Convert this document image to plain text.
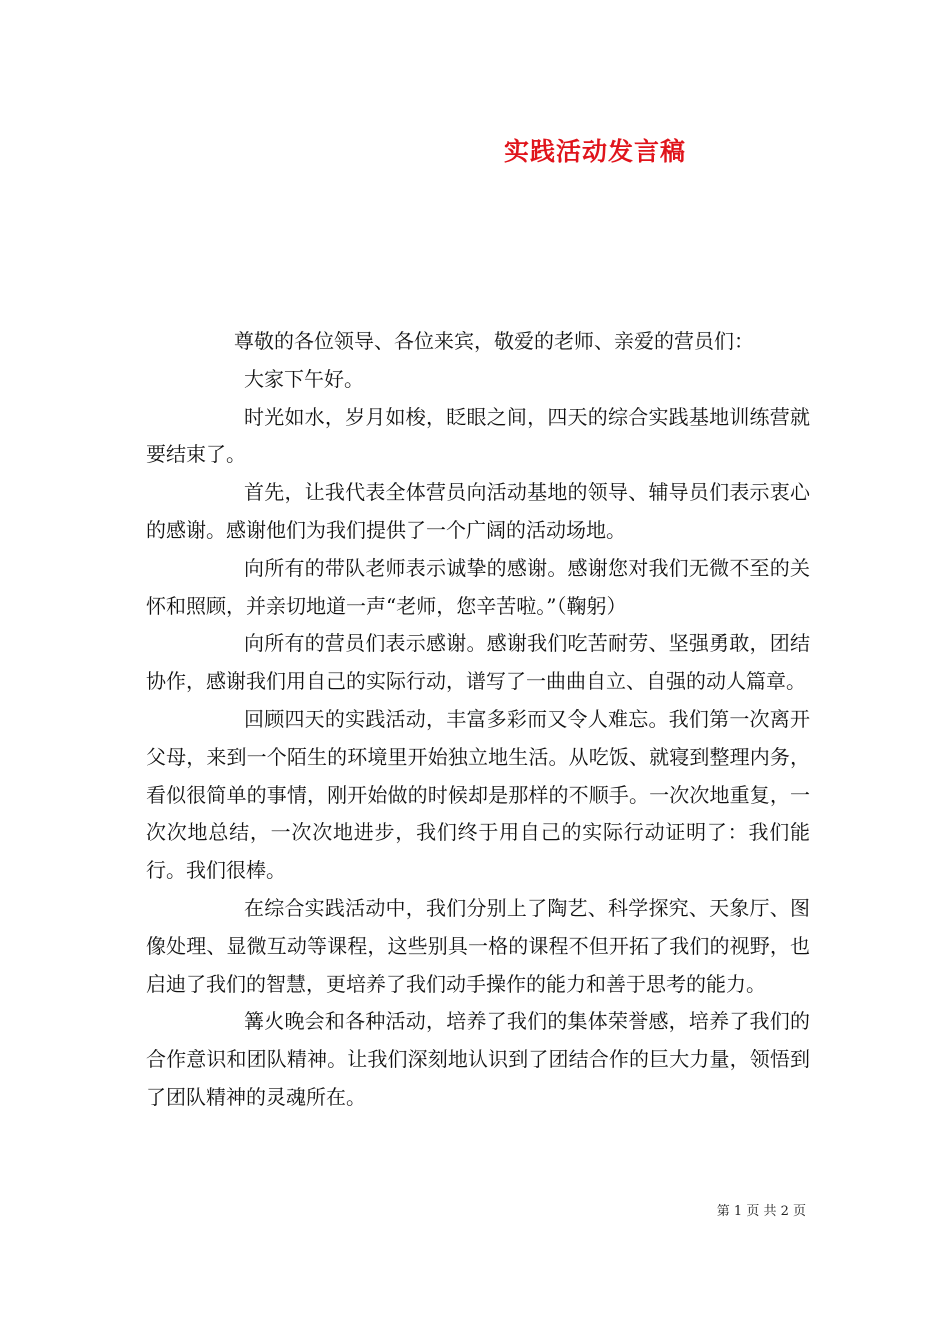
实践活动发言稿

尊敬的各位领导、各位来宾，敬爱的老师、亲爱的营员们：

大家下午好。

时光如水，岁月如梭，眨眼之间，四天的综合实践基地训练营就要结束了。

首先，让我代表全体营员向活动基地的领导、辅导员们表示衷心的感谢。感谢他们为我们提供了一个广阔的活动场地。

向所有的带队老师表示诚挚的感谢。感谢您对我们无微不至的关怀和照顾，并亲切地道一声“老师，您辛苦啦。”（鞠躬）

向所有的营员们表示感谢。感谢我们吃苦耐劳、坚强勇敢，团结协作，感谢我们用自己的实际行动，谱写了一曲曲自立、自强的动人篇章。

回顾四天的实践活动，丰富多彩而又令人难忘。我们第一次离开父母，来到一个陌生的环境里开始独立地生活。从吃饭、就寝到整理内务，看似很简单的事情，刚开始做的时候却是那样的不顺手。一次次地重复，一次次地总结，一次次地进步，我们终于用自己的实际行动证明了：我们能行。我们很棒。

在综合实践活动中，我们分别上了陶艺、科学探究、天象厅、图像处理、显微互动等课程，这些别具一格的课程不但开拓了我们的视野，也启迪了我们的智慧，更培养了我们动手操作的能力和善于思考的能力。

篝火晚会和各种活动，培养了我们的集体荣誉感，培养了我们的合作意识和团队精神。让我们深刻地认识到了团结合作的巨大力量，领悟到了团队精神的灵魂所在。

第 1 页 共 2 页
